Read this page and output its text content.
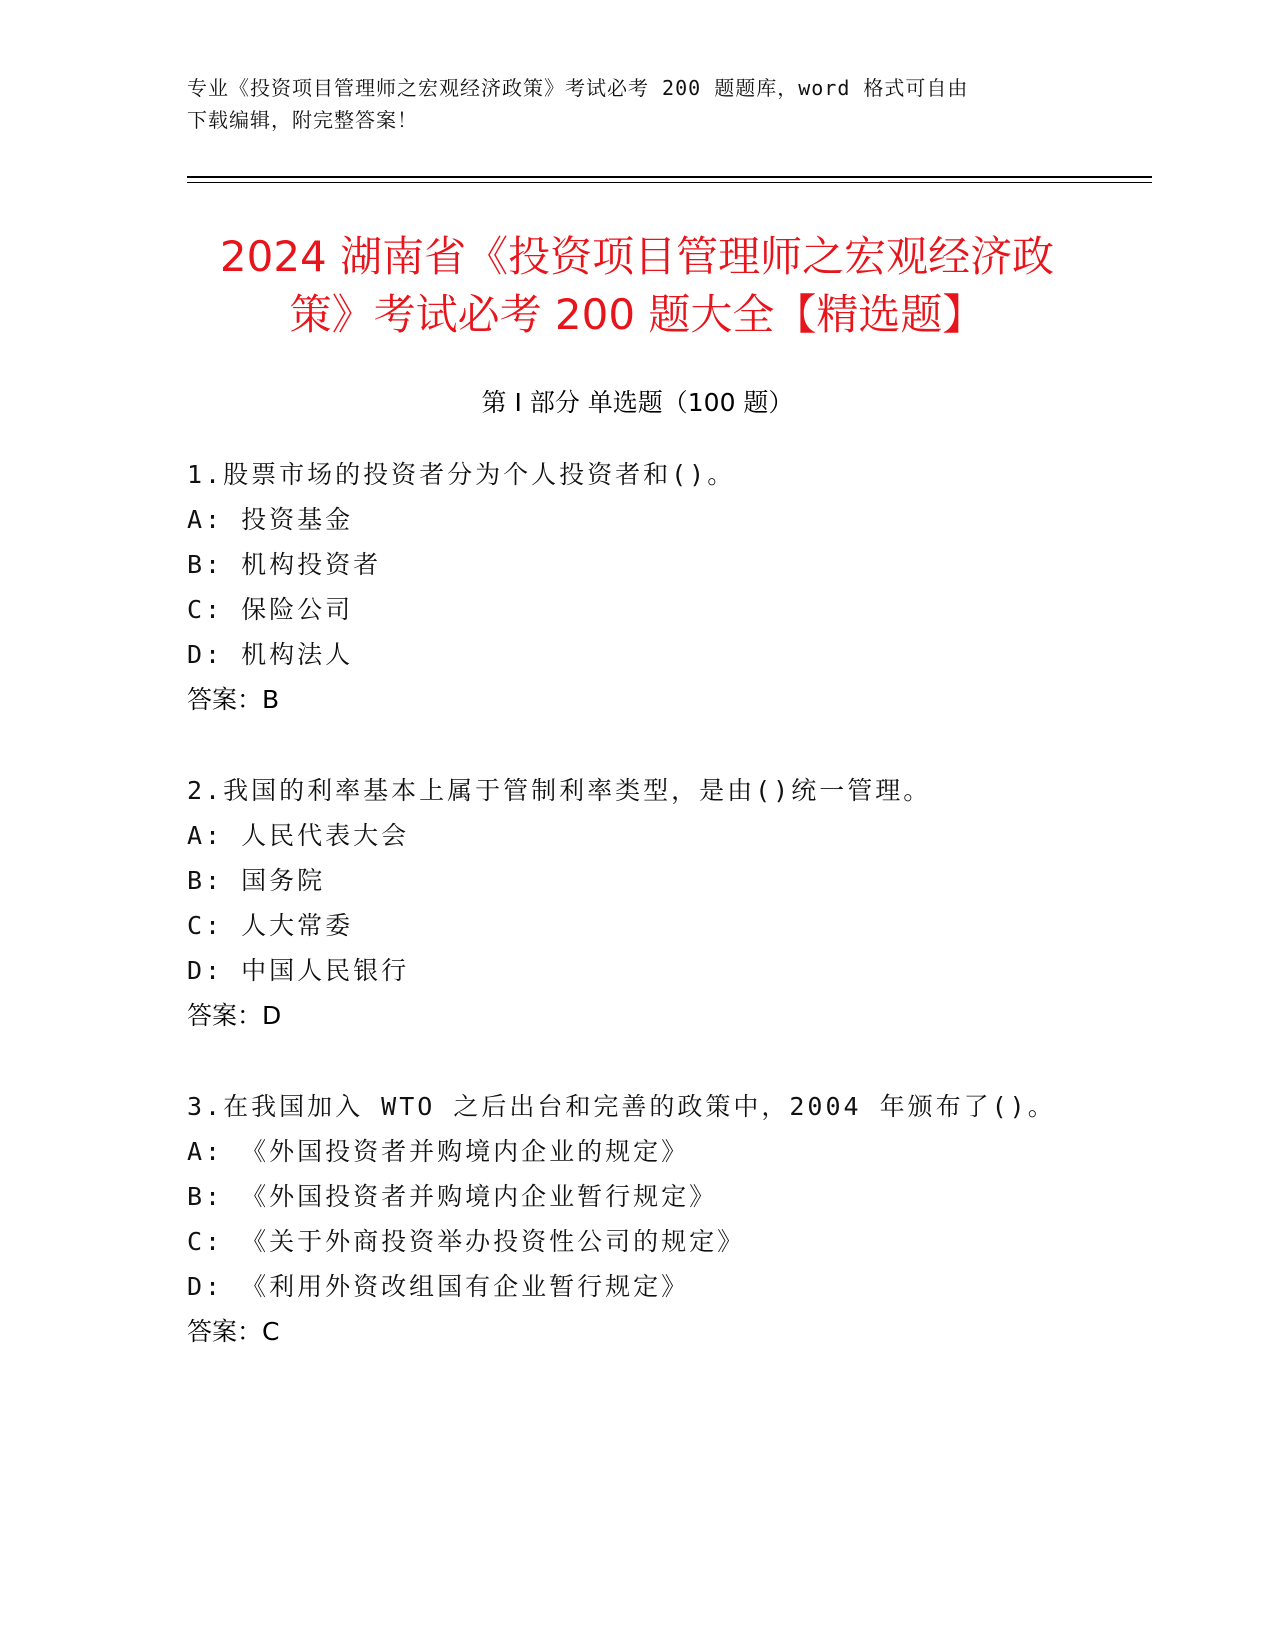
专业《投资项目管理师之宏观经济政策》考试必考 200 题题库，word 格式可自由
下载编辑，附完整答案！
2024 湖南省《投资项目管理师之宏观经济政
策》考试必考 200 题大全【精选题】
第 I 部分 单选题（100 题）
1.股票市场的投资者分为个人投资者和()。
A: 投资基金
B: 机构投资者
C: 保险公司
D: 机构法人
答案：B
2.我国的利率基本上属于管制利率类型，是由()统一管理。
A: 人民代表大会
B: 国务院
C: 人大常委
D: 中国人民银行
答案：D
3.在我国加入 WTO 之后出台和完善的政策中，2004 年颁布了()。
A: 《外国投资者并购境内企业的规定》
B: 《外国投资者并购境内企业暂行规定》
C: 《关于外商投资举办投资性公司的规定》
D: 《利用外资改组国有企业暂行规定》
答案：C
